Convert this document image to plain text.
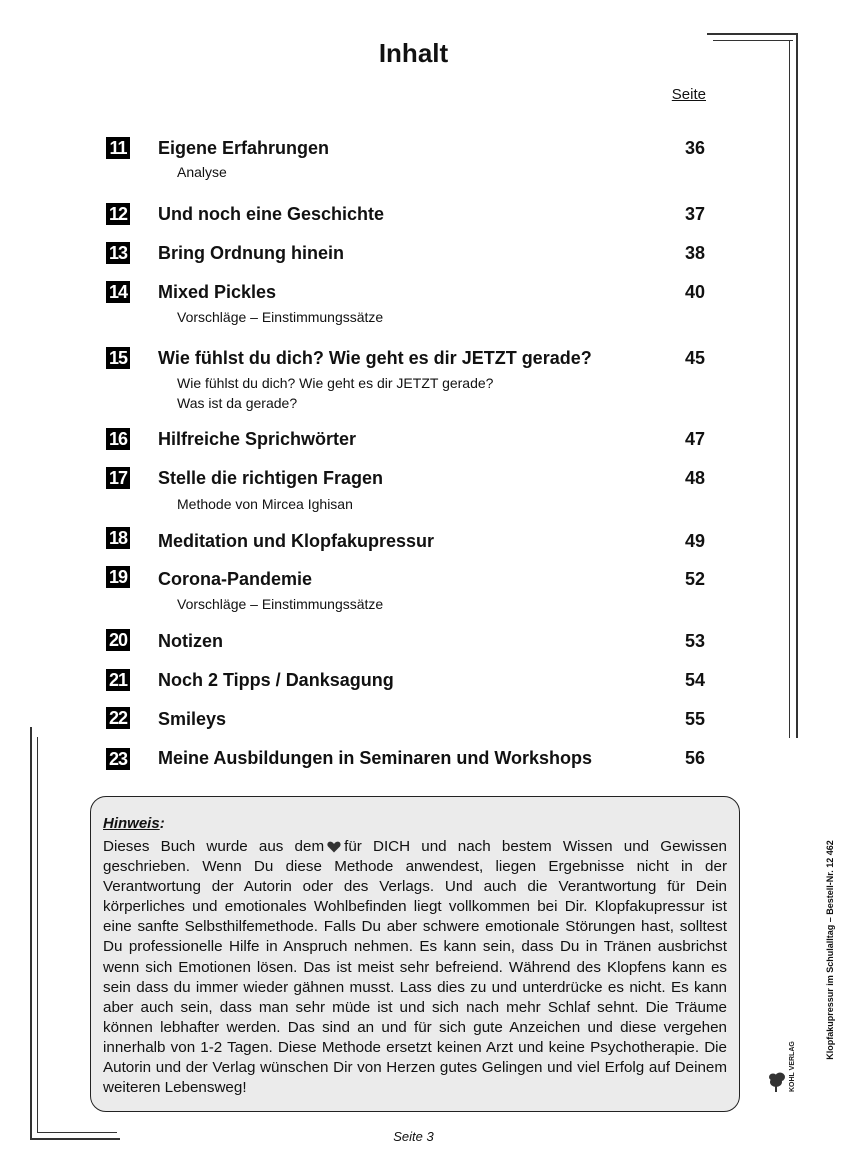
Inhalt
Seite
11 Eigene Erfahrungen	36
Analyse
12 Und noch eine Geschichte	37
13 Bring Ordnung hinein	38
14 Mixed Pickles	40
Vorschläge – Einstimmungssätze
15 Wie fühlst du dich? Wie geht es dir JETZT gerade?	45
Wie fühlst du dich? Wie geht es dir JETZT gerade?
Was ist da gerade?
16 Hilfreiche Sprichwörter	47
17 Stelle die richtigen Fragen	48
Methode von Mircea Ighisan
18 Meditation und Klopfakupressur	49
19 Corona-Pandemie	52
Vorschläge – Einstimmungssätze
20 Notizen	53
21 Noch 2 Tipps / Danksagung	54
22 Smileys	55
23 Meine Ausbildungen in Seminaren und Workshops	56
Hinweis:

Dieses Buch wurde aus dem für DICH und nach bestem Wissen und Gewissen geschrieben. Wenn Du diese Methode anwendest, liegen Ergebnisse nicht in der Verantwortung der Autorin oder des Verlags. Und auch die Verantwortung für Dein körperliches und emotionales Wohlbefinden liegt vollkommen bei Dir. Klopfakupressur ist eine sanfte Selbsthilfemethode. Falls Du aber schwere emotionale Störungen hast, solltest Du professionelle Hilfe in Anspruch nehmen. Es kann sein, dass Du in Tränen ausbrichst wenn sich Emotionen lösen. Das ist meist sehr befreiend. Während des Klopfens kann es sein dass du immer wieder gähnen musst. Lass dies zu und unterdrücke es nicht. Es kann aber auch sein, dass man sehr müde ist und sich nach mehr Schlaf sehnt. Die Träume können lebhafter werden. Das sind an und für sich gute Anzeichen und diese vergehen innerhalb von 1-2 Tagen. Diese Methode ersetzt keinen Arzt und keine Psychotherapie. Die Autorin und der Verlag wünschen Dir von Herzen gutes Gelingen und viel Erfolg auf Deinem weiteren Lebensweg!

Seite 3
Klopfakupressur im Schulalltag – Bestell-Nr. 12 462
KOHL VERLAG
